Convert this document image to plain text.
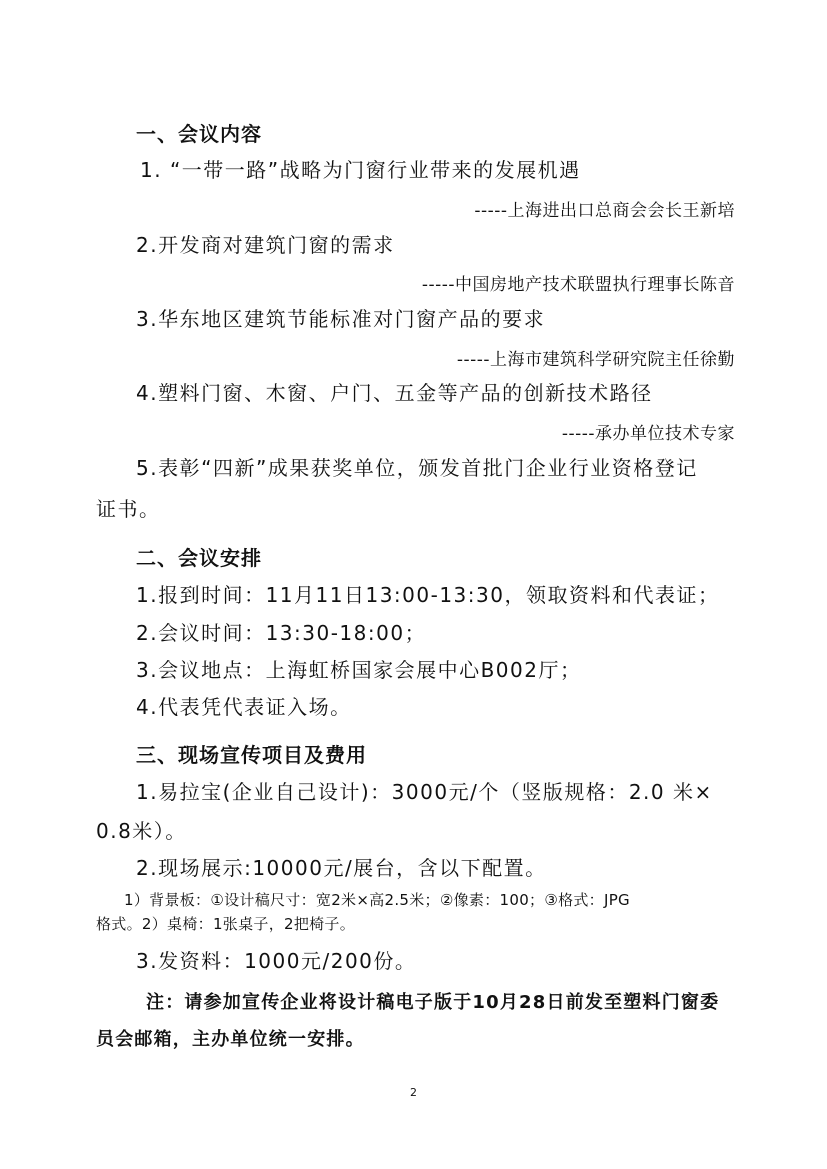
一、会议内容
1. “一带一路”战略为门窗行业带来的发展机遇
-----上海进出口总商会会长王新培
2.开发商对建筑门窗的需求
-----中国房地产技术联盟执行理事长陈音
3.华东地区建筑节能标准对门窗产品的要求
-----上海市建筑科学研究院主任徐勤
4.塑料门窗、木窗、户门、五金等产品的创新技术路径
-----承办单位技术专家
5.表彰“四新”成果获奖单位，颁发首批门企业行业资格登记
证书。
二、会议安排
1.报到时间：11月11日13:00-13:30，领取资料和代表证；
2.会议时间：13:30-18:00；
3.会议地点：上海虹桥国家会展中心B002厅；
4.代表凭代表证入场。
三、现场宣传项目及费用
1.易拉宝(企业自己设计)：3000元/个（竖版规格：2.0 米×
0.8米）。
2.现场展示:10000元/展台，含以下配置。
1）背景板：①设计稿尺寸：宽2米×高2.5米；②像素：100；③格式：JPG
格式。2）桌椅：1张桌子，2把椅子。
3.发资料：1000元/200份。
注：请参加宣传企业将设计稿电子版于10月28日前发至塑料门窗委
员会邮箱，主办单位统一安排。
2
